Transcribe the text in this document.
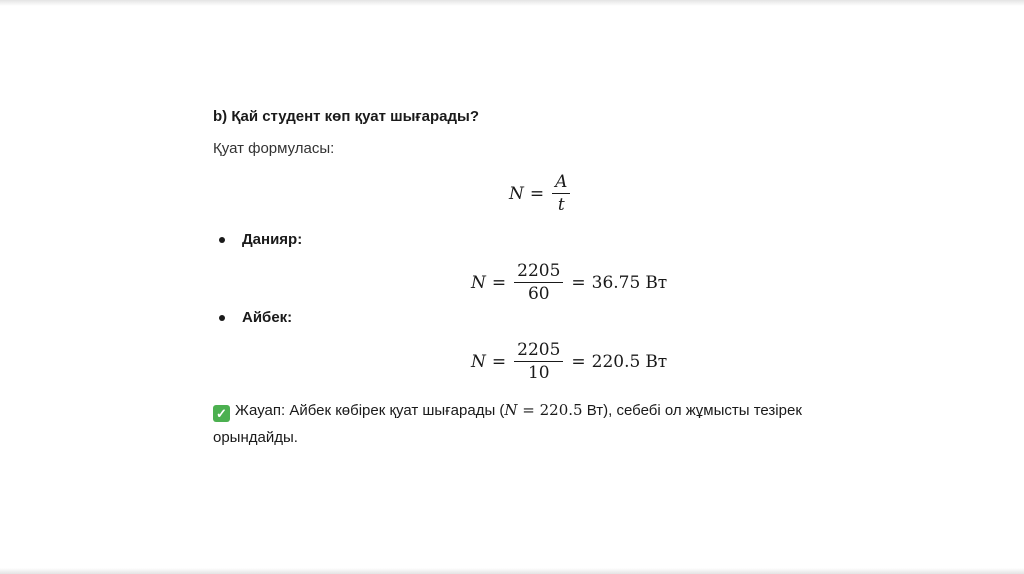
b) Қай студент көп қуат шығарады?
Қуат формуласы:
$N = \frac{A}{t}$
Данияр:
$N = \frac{2205}{60} = 36.75$ Вт
Айбек:
$N = \frac{2205}{10} = 220.5$ Вт
✓ Жауап: Айбек көбірек қуат шығарады (N = 220.5 Вт), себебі ол жұмысты тезірек орындайды.
